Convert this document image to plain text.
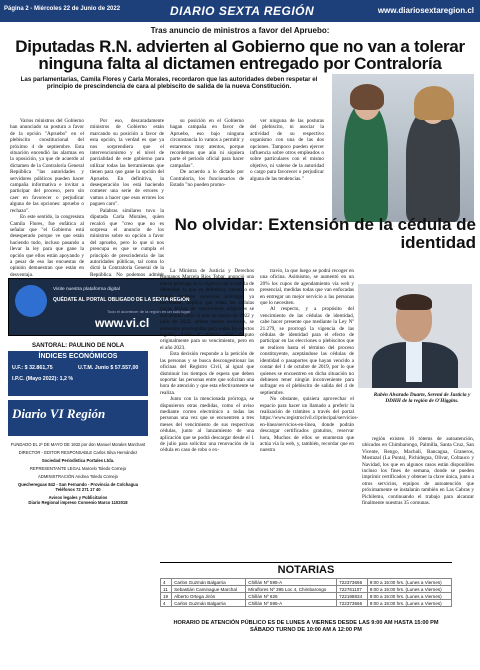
Página 2 - Miércoles 22 de Junio de 2022	DIARIO SEXTA REGIÓN	www.diariosextaregion.cl
Tras anuncio de ministros a favor del Apruebo:
Diputadas R.N. advierten al Gobierno que no van a tolerar ninguna falta al dictamen entregado por Contraloría

Las parlamentarias, Camila Flores y Carla Morales, recordaron que las autoridades deben respetar el principio de prescindencia de cara al plebiscito de salida de la nueva Constitución.

Varios ministros del Gobierno han anunciado su postura a favor de la opción "Apruebo" en el plebiscito constitucional del próximo 4 de septiembre. Esta situación encendió las alarmas en la oposición, ya que de acuerdo al dictamen de la Contraloría General República "las autoridades y servidores públicos pueden hacer campaña informativa e invitar a participar del proceso, pero sin caer en favorecer o perjudicar alguna de las opciones: apruebo o rechazo".
En este sentido, la congresista Camila Flores, fue enfática al señalar que "el Gobierno está desesperado porque ve que están haciendo todo, incluso pasando a llevar la ley para que gane la opción que ellos están apoyando y a pesar de eso las encuestas de opinión demuestran que están en desventaja.
Por eso, descaradamente ministros de Gobierno están marcando su posición a favor de esta opción, la verdad es que ya nos sorprendiera que el intervencionismo y el nivel de parcialidad de este gobierno para utilizar todas las herramientas que tienen para que gane la opción del Apruebo. En definitiva, la desesperación los está haciendo cometer una serie de errores y vamos a hacer que esos errores los paguen caro".
Palabras similares tuvo la diputada Carla Morales, quien recalcó que "creo que no es sorpresa el anuncio de los ministros sobre su opción a favor del apruebo, pero lo que si nos preocupa es que se cumpla el principio de prescindencia de las autoridades públicas, tal como lo dictó la Contraloría General de la República. No podemos admitir
su posición en el Gobierno hagan campaña en favor de Apruebo, eso bajo ninguna circunstancia lo vamos a permitir y estaremos muy atentos, porque recordemos que aún ni siquiera parte el periodo oficial para hacer campañas".
De acuerdo a lo dictado por Contraloría, los funcionarios de Estado "no pueden promo-
ver ninguna de las posturas del plebiscito, ni asociar la actividad de su respectivo organismo con una de las dos opciones. Tampoco pueden ejercer influencia sobre otros empleados o sobre particulares con el mismo objetivo, ni valerse de la autoridad o cargo para favorecer o perjudicar alguna de las tendencias."
No olvidar: Extensión de la cédula de identidad
Visite nuestra plataforma digital
QUÉDATE AL PORTAL OBLIGADO DE LA SEXTA REGIÓN
Todo el acontecer de la región en un solo lugar
www.vi.cl
SANTORAL: PAULINO DE NOLA
ÍNDICES ECONÓMICOS
U.F.: $ 32.861,75	U.T.M. Junio $ 57.557,00
I.P.C. (Mayo 2022): 1,2 %
Diario VI Región
FUNDADO EL 2º DE MAYO DE 1932 por don Manuel Morales Marchant
DIRECTOR - EDITOR RESPONSABLE Carlos Silva Hernández
Sociedad Periodística Portales Ltda.
REPRESENTANTE LEGAL Marcelo Toledo Cornejo
ADMINISTRACIÓN Andrea Toledo Cornejo
Quechereguas 842 - San Fernando - Provincia de Colchagua
Teléfonos 72 271 17 40
Avisos legales y Publicitarios
Diario Regional impreso Convenio Marco 1102018
La Ministra de Justicia y Derechos Humanos Marcela Ríos Tobar, anunció una nueva prórroga de la vigencia de la cédula de identidad, la que en definitiva, tomando en cuenta también sucesivas prórrogas ya decretadas, implica que todas las cédulas cuyas fechas de vencimiento originales se encuentren entre el mes de marzo de 2022 y julio de 2022, ambos meses incluidos, se entienden prorrogadas para todos los efectos legales, hasta el mismo mes disputo originalmente para su vencimiento, pero en el año 2023.
Esta decisión responde a la petición de las personas y se busca descongestionar las oficinas del Registro Civil, al igual que disminuir los tiempos de espera que deben soportar las personas entre que solicitan una hora de atención y que esta efectivamente se realiza.
Junto con la mencionada prórroga, se dispusieron otras medidas, como el aviso mediante correo electrónico a todas las personas una vez que se encuentren a tres meses del vencimiento de sus respectivas cédulas, junto al lanzamiento de una aplicación que se podrá descargar desde el 1 de julio para solicitar una renovación de la cédula en caso de robo o ex-
travío, la que luego se podrá recoger en una oficina. Asimismo, se aumentó en un 20% los cupos de agendamiento vía web y presencial, medidas todas que van enfocadas en entregar un mejor servicio a las personas que lo necesiten.
Al respecto, y a propósito del vencimiento de las cédulas de identidad, cabe hacer presente que mediante la Ley Nº 21.279, se prorrogó la vigencia de las cédulas de identidad para el efecto de participar en las elecciones o plebiscitos que se realicen hasta el término del proceso constituyente, aceptándose las cédulas de identidad o pasaportes que hayan vencido a contar del 1 de octubre de 2019, por lo que quienes se encuentren en dicha situación no debiesen tener ningún inconveniente para sufragar en el plebiscito de salida del 4 de septiembre.
No obstante, quisiera aprovechar el espacio para hacer un llamado a preferir la realización de trámites a través del portal https://www.registrocivil.cl/principal/servicios-en-línea/servicios-en-línea, donde podrán descargar certificados gratuitos, reservar hora, Muchos de ellos se enumeran que actúa vía la web, y, también, recordar que en nuestra
Rubén Alvarado Duarte, Seremi de Justicia y DDHH de la región de O'Higgins.
región existen 16 tótems de autoatención, ubicados en Chimbarongo, Palmilla, Santa Cruz, San Vicente, Rengo, Machalí, Rancagua, Graneros, Mostazal (La Punta), Pichidegua, Olivar, Coltauco y Navidad, los que en algunos casos están disponibles incluso los fines de semana, donde se pueden imprimir certificados y obtener la clave única, junto a otros servicios, equipos de autoatención que próximamente se instalarán también en Las Cabras y Pichilemu, continuando el trabajo para alcanzar finalmente nuestras 35 comunas.
NOTARIAS
4	Carlos Guzmán Balgarria	Chillán Nº 595-A	722373666	9:00 a 15:00 hrs. (Lunes a Viernes)
11	Sebastián Caminague Marchal	Miraflores Nº 395 Loc 4, Chimbarongo	722761107	9:00 a 15:00 hrs. (Lunes a Viernes)
19	Alberto Ortega Jirón	Chillán Nº 626	722198834	9:00 a 15:00 hrs. (Lunes a Viernes)
4	Carlos Guzmán Balgarria	Chillán Nº 595-A	722373666	9:00 a 15:00 hrs. (Lunes a Viernes)
HORARIO DE ATENCIÓN PÚBLICO ES DE LUNES A VIERNES DESDE LAS 9:00 AM HASTA 15:00 PM
SÁBADO TURNO DE 10:00 AM A 12:00 PM
